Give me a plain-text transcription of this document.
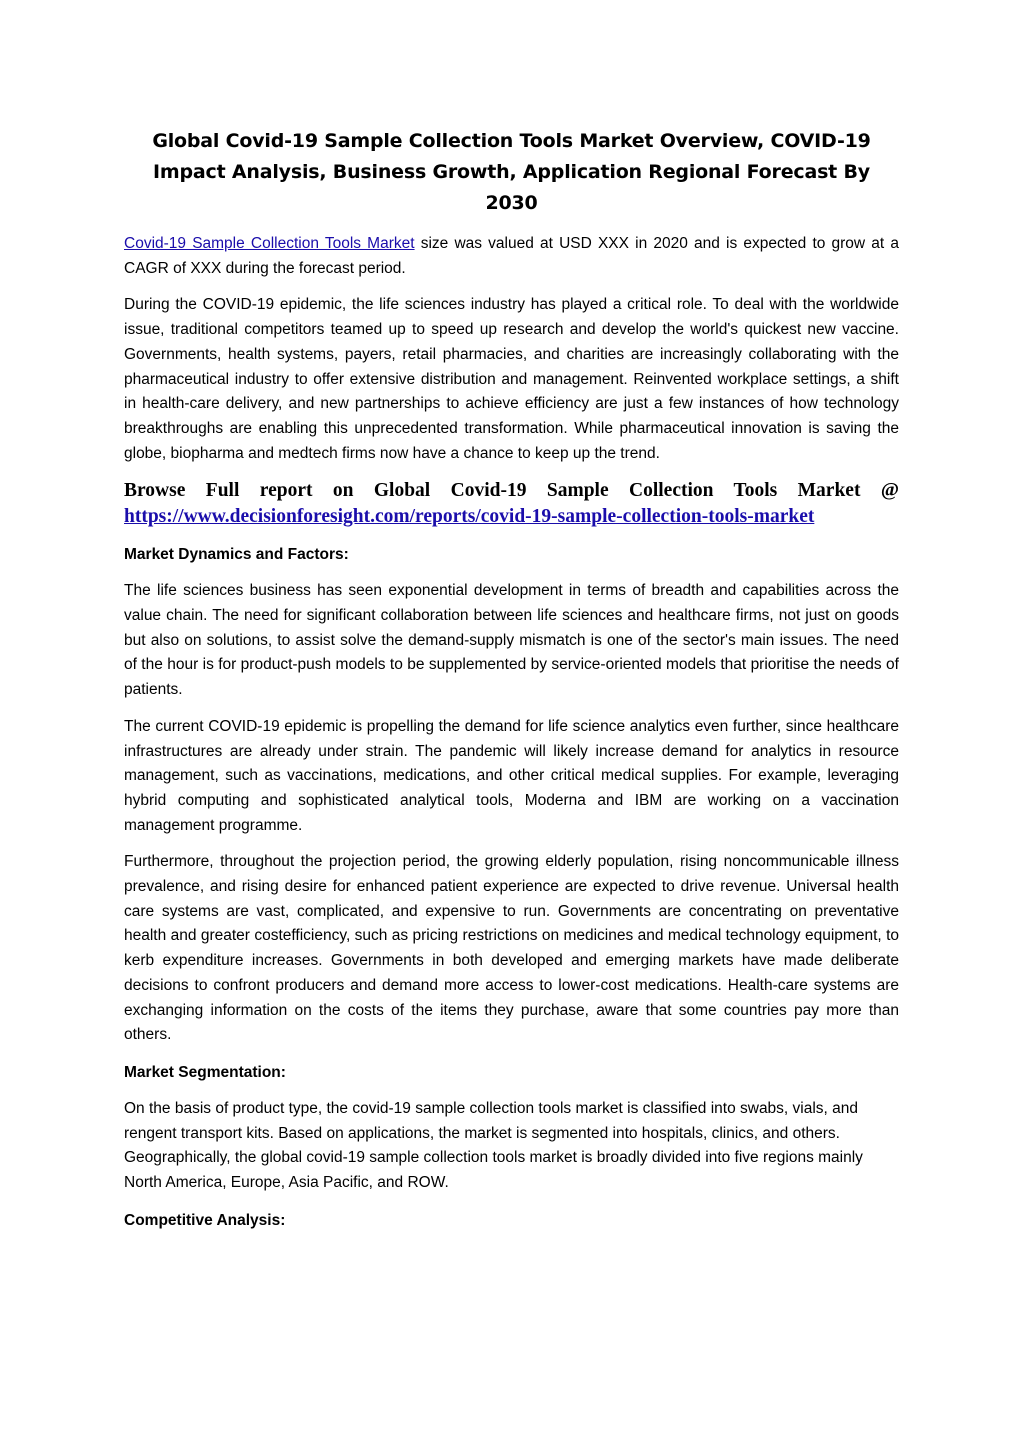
Global Covid-19 Sample Collection Tools Market Overview, COVID-19 Impact Analysis, Business Growth, Application Regional Forecast By 2030

Covid-19 Sample Collection Tools Market size was valued at USD XXX in 2020 and is expected to grow at a CAGR of XXX during the forecast period.

During the COVID-19 epidemic, the life sciences industry has played a critical role. To deal with the worldwide issue, traditional competitors teamed up to speed up research and develop the world's quickest new vaccine. Governments, health systems, payers, retail pharmacies, and charities are increasingly collaborating with the pharmaceutical industry to offer extensive distribution and management. Reinvented workplace settings, a shift in health-care delivery, and new partnerships to achieve efficiency are just a few instances of how technology breakthroughs are enabling this unprecedented transformation. While pharmaceutical innovation is saving the globe, biopharma and medtech firms now have a chance to keep up the trend.

Browse Full report on Global Covid-19 Sample Collection Tools Market @ https://www.decisionforesight.com/reports/covid-19-sample-collection-tools-market

Market Dynamics and Factors:

The life sciences business has seen exponential development in terms of breadth and capabilities across the value chain. The need for significant collaboration between life sciences and healthcare firms, not just on goods but also on solutions, to assist solve the demand-supply mismatch is one of the sector's main issues. The need of the hour is for product-push models to be supplemented by service-oriented models that prioritise the needs of patients.

The current COVID-19 epidemic is propelling the demand for life science analytics even further, since healthcare infrastructures are already under strain. The pandemic will likely increase demand for analytics in resource management, such as vaccinations, medications, and other critical medical supplies. For example, leveraging hybrid computing and sophisticated analytical tools, Moderna and IBM are working on a vaccination management programme.

Furthermore, throughout the projection period, the growing elderly population, rising noncommunicable illness prevalence, and rising desire for enhanced patient experience are expected to drive revenue. Universal health care systems are vast, complicated, and expensive to run. Governments are concentrating on preventative health and greater costefficiency, such as pricing restrictions on medicines and medical technology equipment, to kerb expenditure increases. Governments in both developed and emerging markets have made deliberate decisions to confront producers and demand more access to lower-cost medications. Health-care systems are exchanging information on the costs of the items they purchase, aware that some countries pay more than others.

Market Segmentation:

On the basis of product type, the covid-19 sample collection tools market is classified into swabs, vials, and rengent transport kits. Based on applications, the market is segmented into hospitals, clinics, and others. Geographically, the global covid-19 sample collection tools market is broadly divided into five regions mainly North America, Europe, Asia Pacific, and ROW.

Competitive Analysis:
